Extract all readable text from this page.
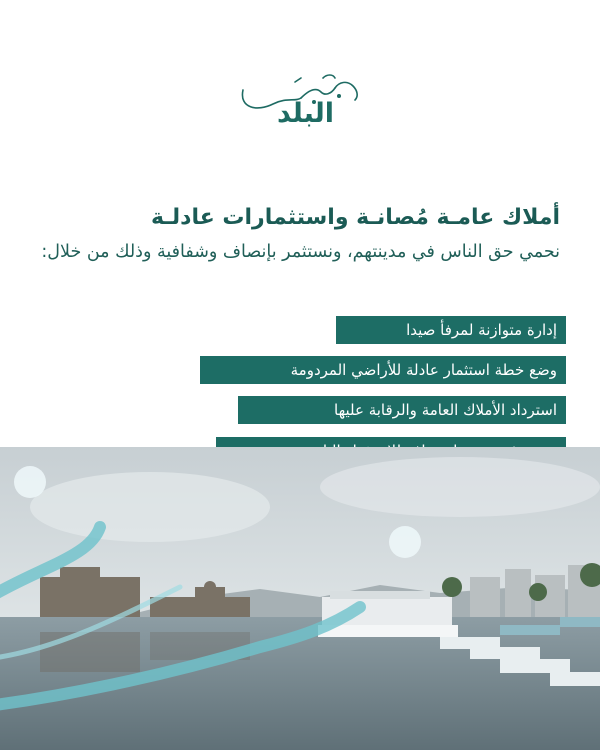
البلد
أملاك عامـة مُصانـة واستثمارات عادلـة
نحمي حق الناس في مدينتهم، ونستثمر بإنصاف وشفافية وذلك من خلال:
إدارة متوازنة لمرفأ صيدا
وضع خطة استثمار عادلة للأراضي المردومة
استرداد الأملاك العامة والرقابة عليها
